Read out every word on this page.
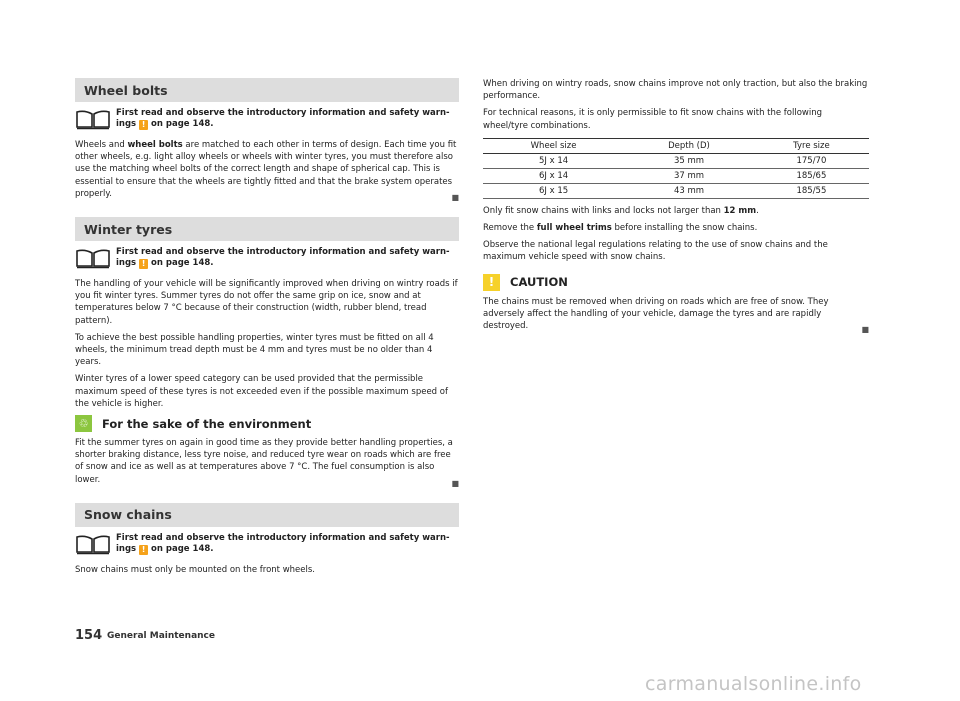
Wheel bolts
First read and observe the introductory information and safety warn-
ings ! on page 148.

Wheels and wheel bolts are matched to each other in terms of design. Each time you fit other wheels, e.g. light alloy wheels or wheels with winter tyres, you must therefore also use the matching wheel bolts of the correct length and shape of spherical cap. This is essential to ensure that the wheels are tightly fitted and that the brake system operates properly.	■
Winter tyres
First read and observe the introductory information and safety warn-
ings ! on page 148.

The handling of your vehicle will be significantly improved when driving on wintry roads if you fit winter tyres. Summer tyres do not offer the same grip on ice, snow and at temperatures below 7 °C because of their construction (width, rubber blend, tread pattern).

To achieve the best possible handling properties, winter tyres must be fitted on all 4 wheels, the minimum tread depth must be 4 mm and tyres must be no older than 4 years.

Winter tyres of a lower speed category can be used provided that the permissible maximum speed of these tyres is not exceeded even if the possible maximum speed of the vehicle is higher.

♲	For the sake of the environment

Fit the summer tyres on again in good time as they provide better handling properties, a shorter braking distance, less tyre noise, and reduced tyre wear on roads which are free of snow and ice as well as at temperatures above 7 °C. The fuel consumption is also lower.	■
Snow chains
First read and observe the introductory information and safety warn-
ings ! on page 148.

Snow chains must only be mounted on the front wheels.

When driving on wintry roads, snow chains improve not only traction, but also the braking performance.

For technical reasons, it is only permissible to fit snow chains with the following wheel/tyre combinations.

Wheel size	Depth (D)	Tyre size
5J x 14	35 mm	175/70
6J x 14	37 mm	185/65
6J x 15	43 mm	185/55

Only fit snow chains with links and locks not larger than 12 mm.

Remove the full wheel trims before installing the snow chains.

Observe the national legal regulations relating to the use of snow chains and the maximum vehicle speed with snow chains.

!	CAUTION

The chains must be removed when driving on roads which are free of snow. They adversely affect the handling of your vehicle, damage the tyres and are rapidly destroyed.	■
154 General Maintenance
carmanualsonline.info
